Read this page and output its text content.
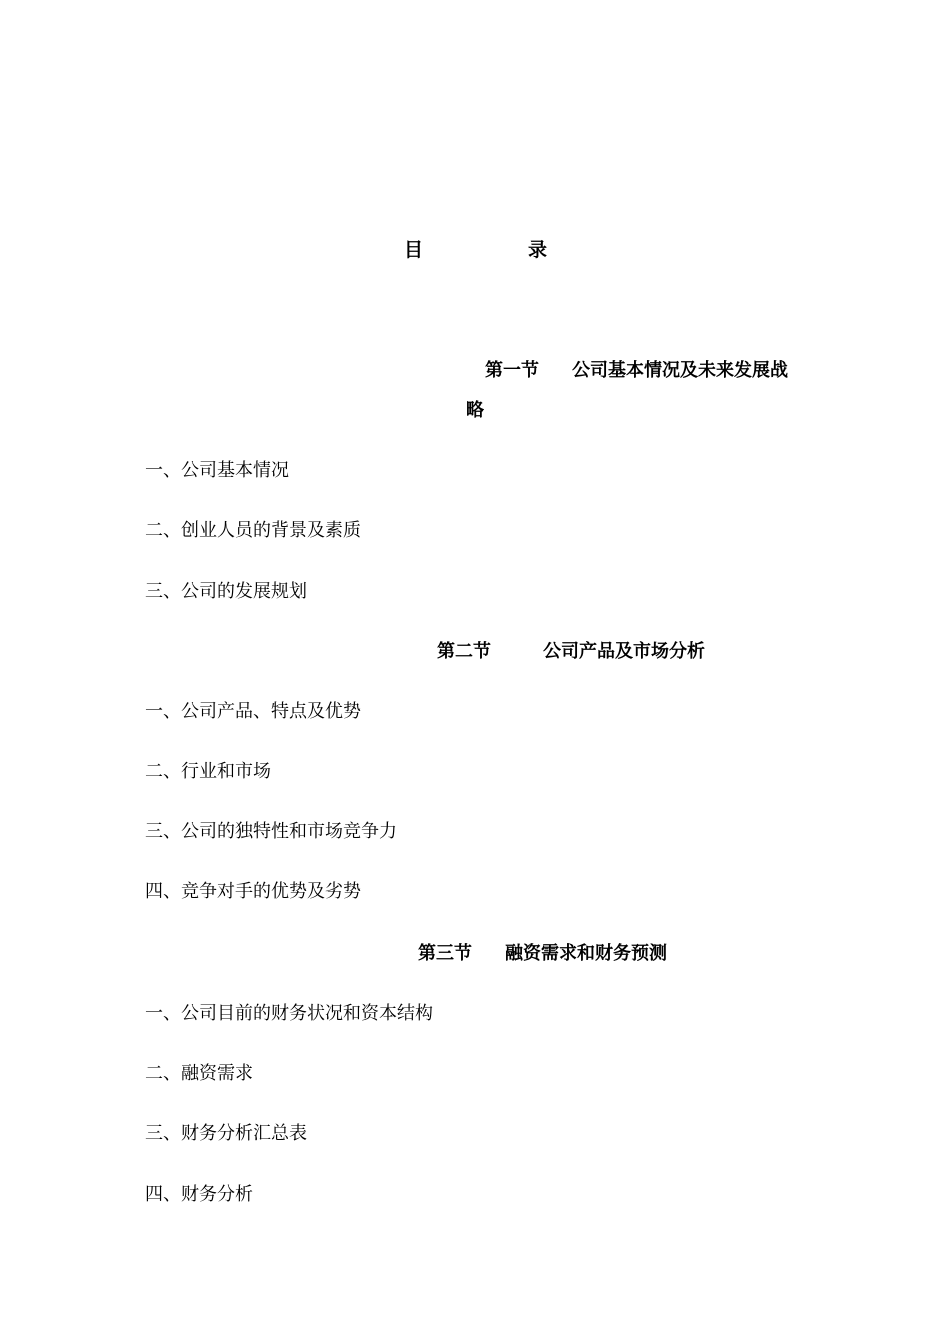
目	录
第一节 公司基本情况及未来发展战
略
一、公司基本情况
二、创业人员的背景及素质
三、公司的发展规划
第二节	公司产品及市场分析
一、公司产品、特点及优势
二、行业和市场
三、公司的独特性和市场竞争力
四、竞争对手的优势及劣势
第三节 融资需求和财务预测
一、公司目前的财务状况和资本结构
二、融资需求
三、财务分析汇总表
四、财务分析
